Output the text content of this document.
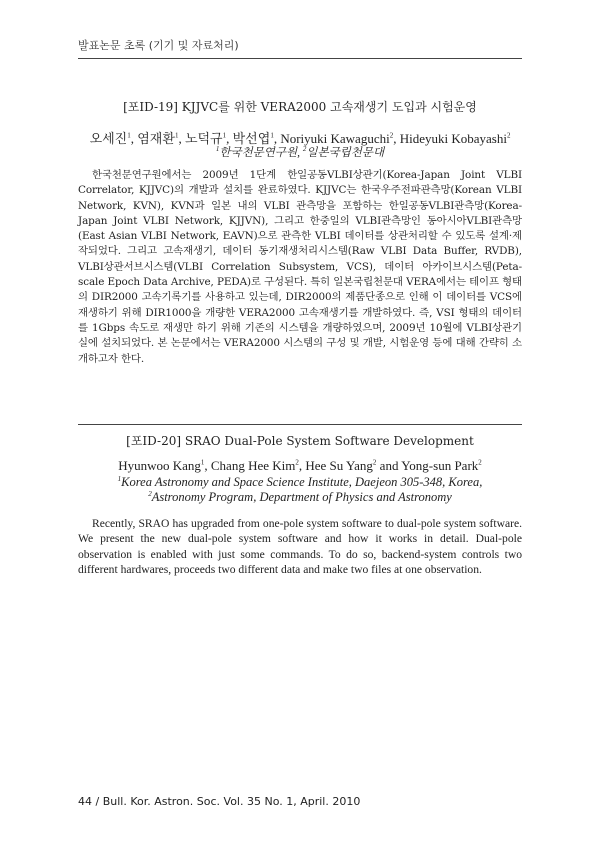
발표논문 초록 (기기 및 자료처리)
[포ID-19] KJJVC를 위한 VERA2000 고속재생기 도입과 시험운영
오세진$^1$, 염재환$^1$, 노덕규$^1$, 박선엽$^1$, Noriyuki Kawaguchi$^2$, Hideyuki Kobayashi$^2$
$^1$한국천문연구원, $^2$일본국립천문대
한국천문연구원에서는 2009년 1단계 한일공동VLBI상관기(Korea-Japan Joint VLBI Correlator, KJJVC)의 개발과 설치를 완료하였다. KJJVC는 한국우주전파관측망(Korean VLBI Network, KVN), KVN과 일본 내의 VLBI 관측망을 포함하는 한일공동VLBI관측망(Korea-Japan Joint VLBI Network, KJJVN), 그리고 한중일의 VLBI관측망인 동아시아VLBI관측망(East Asian VLBI Network, EAVN)으로 관측한 VLBI 데이터를 상관처리할 수 있도록 설계·제작되었다. 그리고 고속재생기, 데이터 동기재생처리시스템(Raw VLBI Data Buffer, RVDB), VLBI상관서브시스템(VLBI Correlation Subsystem, VCS), 데이터 아카이브시스템(Peta-scale Epoch Data Archive, PEDA)로 구성된다. 특히 일본국립천문대 VERA에서는 테이프 형태의 DIR2000 고속기록기를 사용하고 있는데, DIR2000의 제품단종으로 인해 이 데이터를 VCS에 재생하기 위해 DIR1000을 개량한 VERA2000 고속재생기를 개발하였다. 즉, VSI 형태의 데이터를 1Gbps 속도로 재생만 하기 위해 기존의 시스템을 개량하였으며, 2009년 10월에 VLBI상관기실에 설치되었다. 본 논문에서는 VERA2000 시스템의 구성 및 개발, 시험운영 등에 대해 간략히 소개하고자 한다.
[포ID-20] SRAO Dual-Pole System Software Development
Hyunwoo Kang$^1$, Chang Hee Kim$^2$, Hee Su Yang$^2$ and Yong-sun Park$^2$
$^1$Korea Astronomy and Space Science Institute, Daejeon 305-348, Korea,
$^2$Astronomy Program, Department of Physics and Astronomy
Recently, SRAO has upgraded from one-pole system software to dual-pole system software. We present the new dual-pole system software and how it works in detail. Dual-pole observation is enabled with just some commands. To do so, backend-system controls two different hardwares, proceeds two different data and make two files at one observation.
44 / Bull. Kor. Astron. Soc. Vol. 35 No. 1, April. 2010
